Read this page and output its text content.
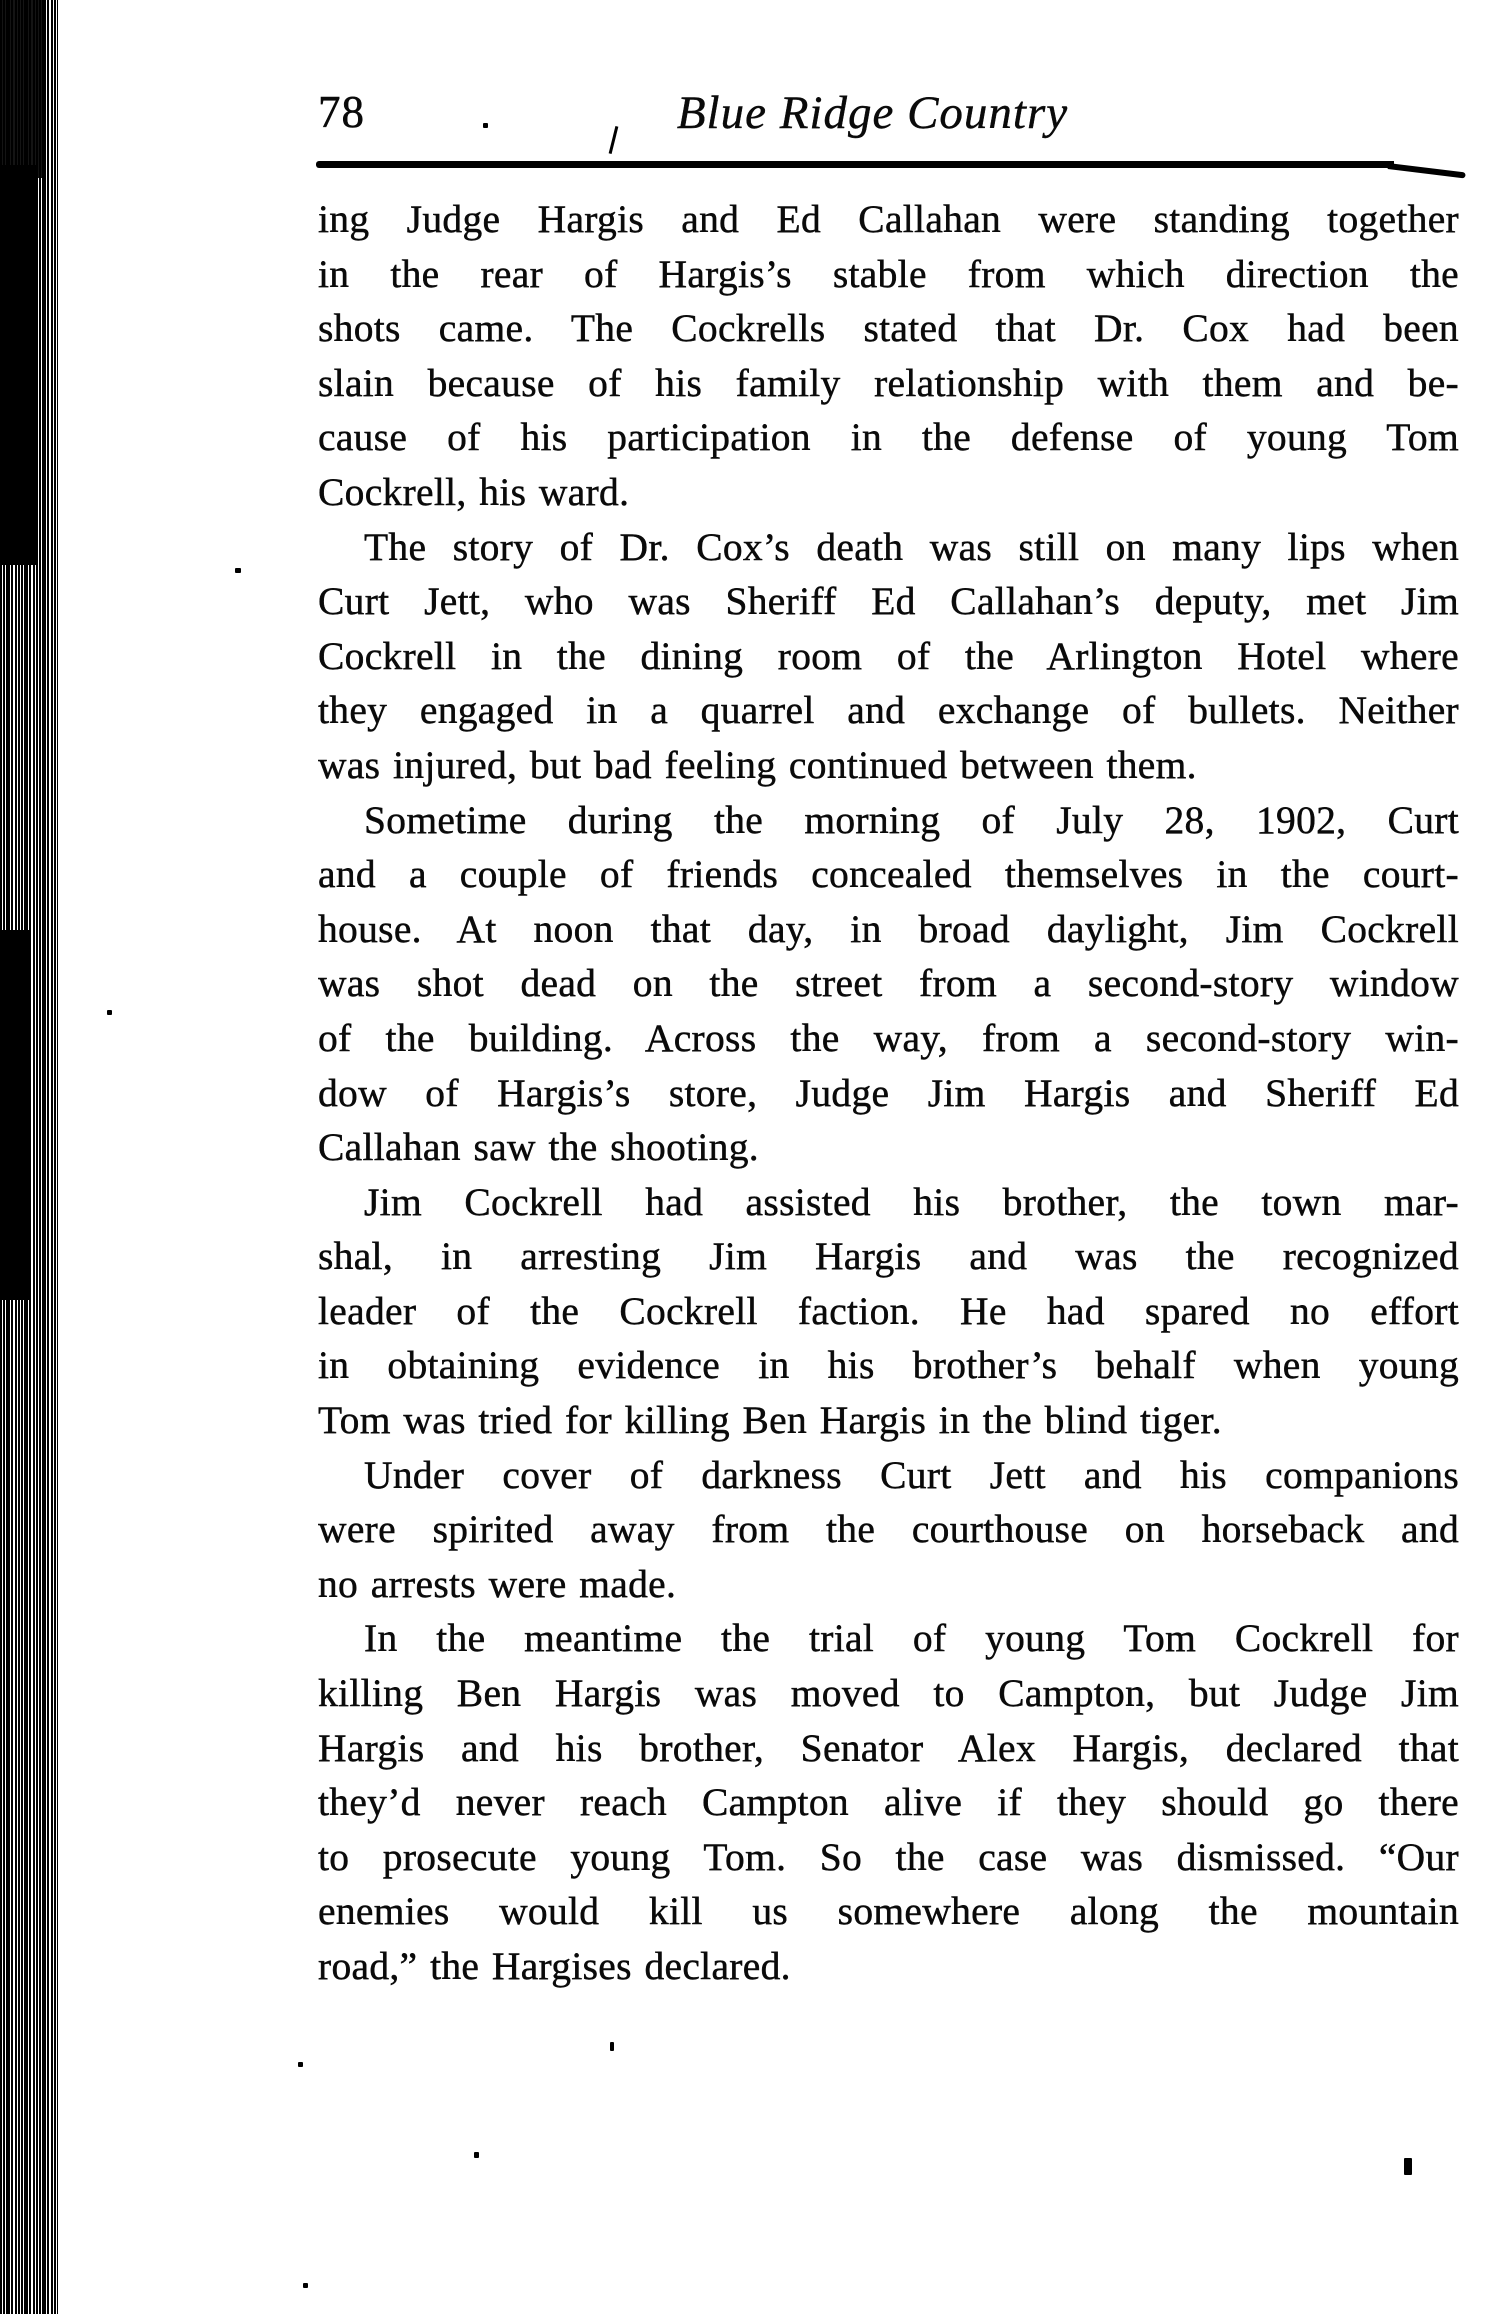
78	Blue Ridge Country
ing Judge Hargis and Ed Callahan were standing together
in the rear of Hargis’s stable from which direction the
shots came. The Cockrells stated that Dr. Cox had been
slain because of his family relationship with them and be-
cause of his participation in the defense of young Tom
Cockrell, his ward.
The story of Dr. Cox’s death was still on many lips when
Curt Jett, who was Sheriff Ed Callahan’s deputy, met Jim
Cockrell in the dining room of the Arlington Hotel where
they engaged in a quarrel and exchange of bullets. Neither
was injured, but bad feeling continued between them.
Sometime during the morning of July 28, 1902, Curt
and a couple of friends concealed themselves in the court-
house. At noon that day, in broad daylight, Jim Cockrell
was shot dead on the street from a second-story window
of the building. Across the way, from a second-story win-
dow of Hargis’s store, Judge Jim Hargis and Sheriff Ed
Callahan saw the shooting.
Jim Cockrell had assisted his brother, the town mar-
shal, in arresting Jim Hargis and was the recognized
leader of the Cockrell faction. He had spared no effort
in obtaining evidence in his brother’s behalf when young
Tom was tried for killing Ben Hargis in the blind tiger.
Under cover of darkness Curt Jett and his companions
were spirited away from the courthouse on horseback and
no arrests were made.
In the meantime the trial of young Tom Cockrell for
killing Ben Hargis was moved to Campton, but Judge Jim
Hargis and his brother, Senator Alex Hargis, declared that
they’d never reach Campton alive if they should go there
to prosecute young Tom. So the case was dismissed. “Our
enemies would kill us somewhere along the mountain
road,” the Hargises declared.
